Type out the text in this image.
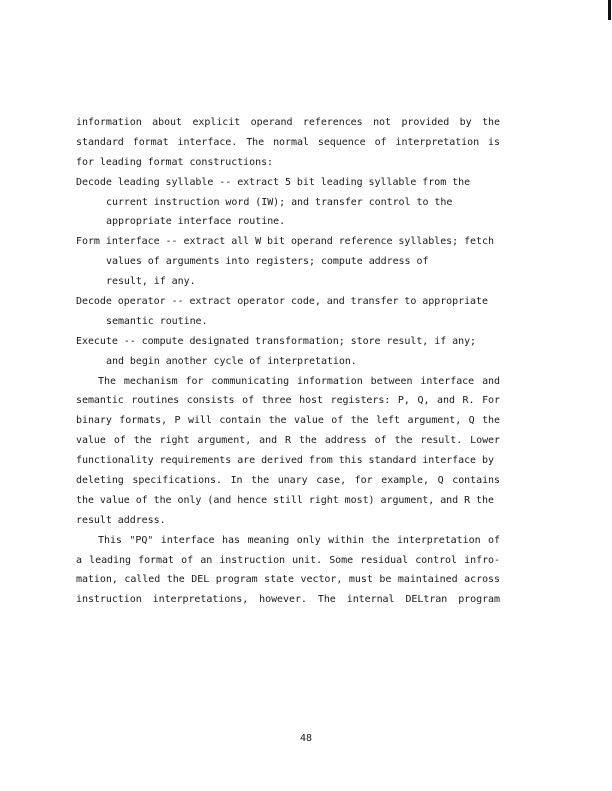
information about explicit operand references not provided by the
standard format interface. The normal sequence of interpretation is
for leading format constructions:
Decode leading syllable -- extract 5 bit leading syllable from the
current instruction word (IW); and transfer control to the
appropriate interface routine.
Form interface -- extract all W bit operand reference syllables; fetch
values of arguments into registers; compute address of
result, if any.
Decode operator -- extract operator code, and transfer to appropriate
semantic routine.
Execute -- compute designated transformation; store result, if any;
and begin another cycle of interpretation.
The mechanism for communicating information between interface and
semantic routines consists of three host registers: P, Q, and R. For
binary formats, P will contain the value of the left argument, Q the
value of the right argument, and R the address of the result. Lower
functionality requirements are derived from this standard interface by
deleting specifications. In the unary case, for example, Q contains
the value of the only (and hence still right most) argument, and R the
result address.
This "PQ" interface has meaning only within the interpretation of
a leading format of an instruction unit. Some residual control infro-
mation, called the DEL program state vector, must be maintained across
instruction interpretations, however. The internal DELtran program
48
